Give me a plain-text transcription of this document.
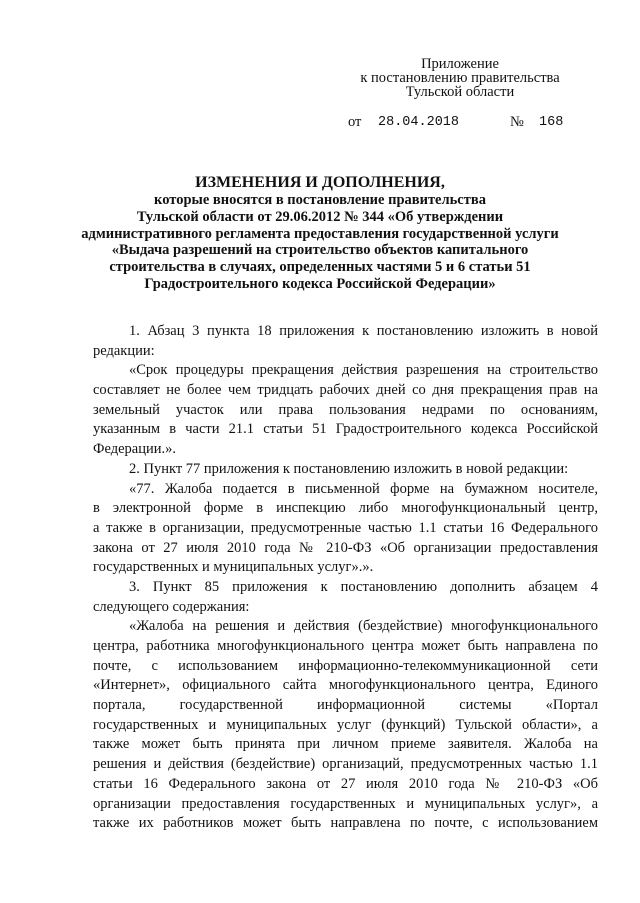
Приложение
к постановлению правительства
Тульской области
от 28.04.2018	№ 168
ИЗМЕНЕНИЯ И ДОПОЛНЕНИЯ,
которые вносятся в постановление правительства
Тульской области от 29.06.2012 № 344 «Об утверждении
административного регламента предоставления государственной услуги
«Выдача разрешений на строительство объектов капитального
строительства в случаях, определенных частями 5 и 6 статьи 51
Градостроительного кодекса Российской Федерации»
1. Абзац 3 пункта 18 приложения к постановлению изложить в новой
редакции:
«Срок процедуры прекращения действия разрешения на строительство
составляет не более чем тридцать рабочих дней со дня прекращения прав на
земельный участок или права пользования недрами по основаниям,
указанным в части 21.1 статьи 51 Градостроительного кодекса Российской
Федерации.».
2. Пункт 77 приложения к постановлению изложить в новой редакции:
«77. Жалоба подается в письменной форме на бумажном носителе,
в электронной форме в инспекцию либо многофункциональный центр,
а также в организации, предусмотренные частью 1.1 статьи 16 Федерального
закона от 27 июля 2010 года № 210-ФЗ «Об организации предоставления
государственных и муниципальных услуг».».
3. Пункт 85 приложения к постановлению дополнить абзацем 4
следующего содержания:
«Жалоба на решения и действия (бездействие) многофункционального
центра, работника многофункционального центра может быть направлена по
почте, с использованием информационно-телекоммуникационной сети
«Интернет», официального сайта многофункционального центра, Единого
портала, государственной информационной системы «Портал
государственных и муниципальных услуг (функций) Тульской области», а
также может быть принята при личном приеме заявителя. Жалоба на
решения и действия (бездействие) организаций, предусмотренных частью 1.1
статьи 16 Федерального закона от 27 июля 2010 года № 210-ФЗ «Об
организации предоставления государственных и муниципальных услуг», а
также их работников может быть направлена по почте, с использованием
